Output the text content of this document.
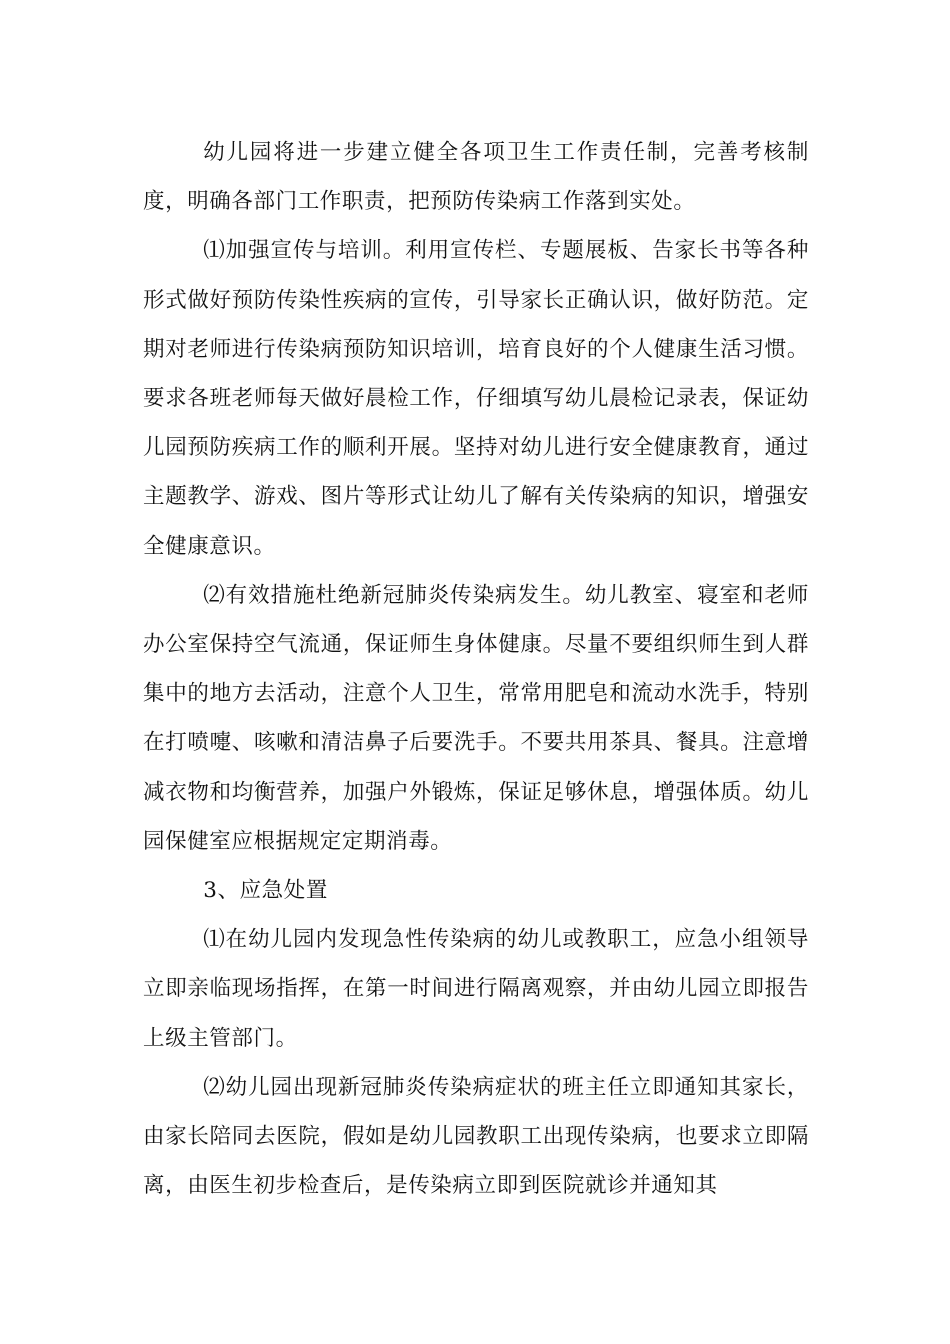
幼儿园将进一步建立健全各项卫生工作责任制，完善考核制度，明确各部门工作职责，把预防传染病工作落到实处。

⑴加强宣传与培训。利用宣传栏、专题展板、告家长书等各种形式做好预防传染性疾病的宣传，引导家长正确认识，做好防范。定期对老师进行传染病预防知识培训，培育良好的个人健康生活习惯。要求各班老师每天做好晨检工作，仔细填写幼儿晨检记录表，保证幼儿园预防疾病工作的顺利开展。坚持对幼儿进行安全健康教育，通过主题教学、游戏、图片等形式让幼儿了解有关传染病的知识，增强安全健康意识。

⑵有效措施杜绝新冠肺炎传染病发生。幼儿教室、寝室和老师办公室保持空气流通，保证师生身体健康。尽量不要组织师生到人群集中的地方去活动，注意个人卫生，常常用肥皂和流动水洗手，特别在打喷嚏、咳嗽和清洁鼻子后要洗手。不要共用茶具、餐具。注意增减衣物和均衡营养，加强户外锻炼，保证足够休息，增强体质。幼儿园保健室应根据规定定期消毒。

3、应急处置

⑴在幼儿园内发现急性传染病的幼儿或教职工，应急小组领导立即亲临现场指挥，在第一时间进行隔离观察，并由幼儿园立即报告上级主管部门。

⑵幼儿园出现新冠肺炎传染病症状的班主任立即通知其家长，由家长陪同去医院，假如是幼儿园教职工出现传染病，也要求立即隔离，由医生初步检查后，是传染病立即到医院就诊并通知其
